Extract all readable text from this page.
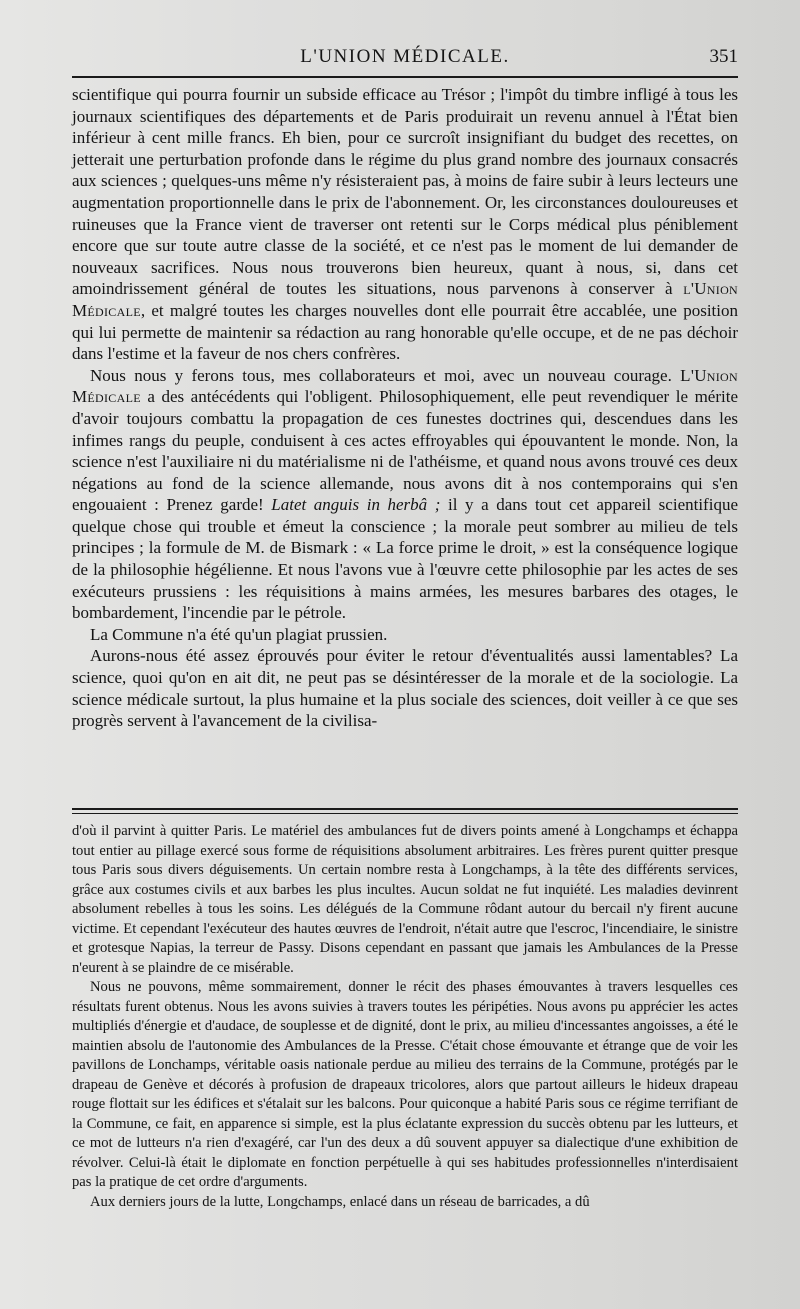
L'UNION MÉDICALE.	351

scientifique qui pourra fournir un subside efficace au Trésor ; l'impôt du timbre infligé à tous les journaux scientifiques des départements et de Paris produirait un revenu annuel à l'État bien inférieur à cent mille francs. Eh bien, pour ce surcroît insignifiant du budget des recettes, on jetterait une perturbation profonde dans le régime du plus grand nombre des journaux consacrés aux sciences ; quelques-uns même n'y résisteraient pas, à moins de faire subir à leurs lecteurs une augmentation proportionnelle dans le prix de l'abonnement. Or, les circonstances douloureuses et ruineuses que la France vient de traverser ont retenti sur le Corps médical plus péniblement encore que sur toute autre classe de la société, et ce n'est pas le moment de lui demander de nouveaux sacrifices. Nous nous trouverons bien heureux, quant à nous, si, dans cet amoindrissement général de toutes les situations, nous parvenons à conserver à l'Union Médicale, et malgré toutes les charges nouvelles dont elle pourrait être accablée, une position qui lui permette de maintenir sa rédaction au rang honorable qu'elle occupe, et de ne pas déchoir dans l'estime et la faveur de nos chers confrères.

Nous nous y ferons tous, mes collaborateurs et moi, avec un nouveau courage. L'Union Médicale a des antécédents qui l'obligent. Philosophiquement, elle peut revendiquer le mérite d'avoir toujours combattu la propagation de ces funestes doctrines qui, descendues dans les infimes rangs du peuple, conduisent à ces actes effroyables qui épouvantent le monde. Non, la science n'est l'auxiliaire ni du matérialisme ni de l'athéisme, et quand nous avons trouvé ces deux négations au fond de la science allemande, nous avons dit à nos contemporains qui s'en engouaient : Prenez garde! Latet anguis in herbâ ; il y a dans tout cet appareil scientifique quelque chose qui trouble et émeut la conscience ; la morale peut sombrer au milieu de tels principes ; la formule de M. de Bismark : « La force prime le droit, » est la conséquence logique de la philosophie hégélienne. Et nous l'avons vue à l'œuvre cette philosophie par les actes de ses exécuteurs prussiens : les réquisitions à mains armées, les mesures barbares des otages, le bombardement, l'incendie par le pétrole.

La Commune n'a été qu'un plagiat prussien.

Aurons-nous été assez éprouvés pour éviter le retour d'éventualités aussi lamentables? La science, quoi qu'on en ait dit, ne peut pas se désintéresser de la morale et de la sociologie. La science médicale surtout, la plus humaine et la plus sociale des sciences, doit veiller à ce que ses progrès servent à l'avancement de la civilisa-

d'où il parvint à quitter Paris. Le matériel des ambulances fut de divers points amené à Longchamps et échappa tout entier au pillage exercé sous forme de réquisitions absolument arbitraires. Les frères purent quitter presque tous Paris sous divers déguisements. Un certain nombre resta à Longchamps, à la tête des différents services, grâce aux costumes civils et aux barbes les plus incultes. Aucun soldat ne fut inquiété. Les maladies devinrent absolument rebelles à tous les soins. Les délégués de la Commune rôdant autour du bercail n'y firent aucune victime. Et cependant l'exécuteur des hautes œuvres de l'endroit, n'était autre que l'escroc, l'incendiaire, le sinistre et grotesque Napias, la terreur de Passy. Disons cependant en passant que jamais les Ambulances de la Presse n'eurent à se plaindre de ce misérable.

Nous ne pouvons, même sommairement, donner le récit des phases émouvantes à travers lesquelles ces résultats furent obtenus. Nous les avons suivies à travers toutes les péripéties. Nous avons pu apprécier les actes multipliés d'énergie et d'audace, de souplesse et de dignité, dont le prix, au milieu d'incessantes angoisses, a été le maintien absolu de l'autonomie des Ambulances de la Presse. C'était chose émouvante et étrange que de voir les pavillons de Lonchamps, véritable oasis nationale perdue au milieu des terrains de la Commune, protégés par le drapeau de Genève et décorés à profusion de drapeaux tricolores, alors que partout ailleurs le hideux drapeau rouge flottait sur les édifices et s'étalait sur les balcons. Pour quiconque a habité Paris sous ce régime terrifiant de la Commune, ce fait, en apparence si simple, est la plus éclatante expression du succès obtenu par les lutteurs, et ce mot de lutteurs n'a rien d'exagéré, car l'un des deux a dû souvent appuyer sa dialectique d'une exhibition de révolver. Celui-là était le diplomate en fonction perpétuelle à qui ses habitudes professionnelles n'interdisaient pas la pratique de cet ordre d'arguments.

Aux derniers jours de la lutte, Longchamps, enlacé dans un réseau de barricades, a dû
